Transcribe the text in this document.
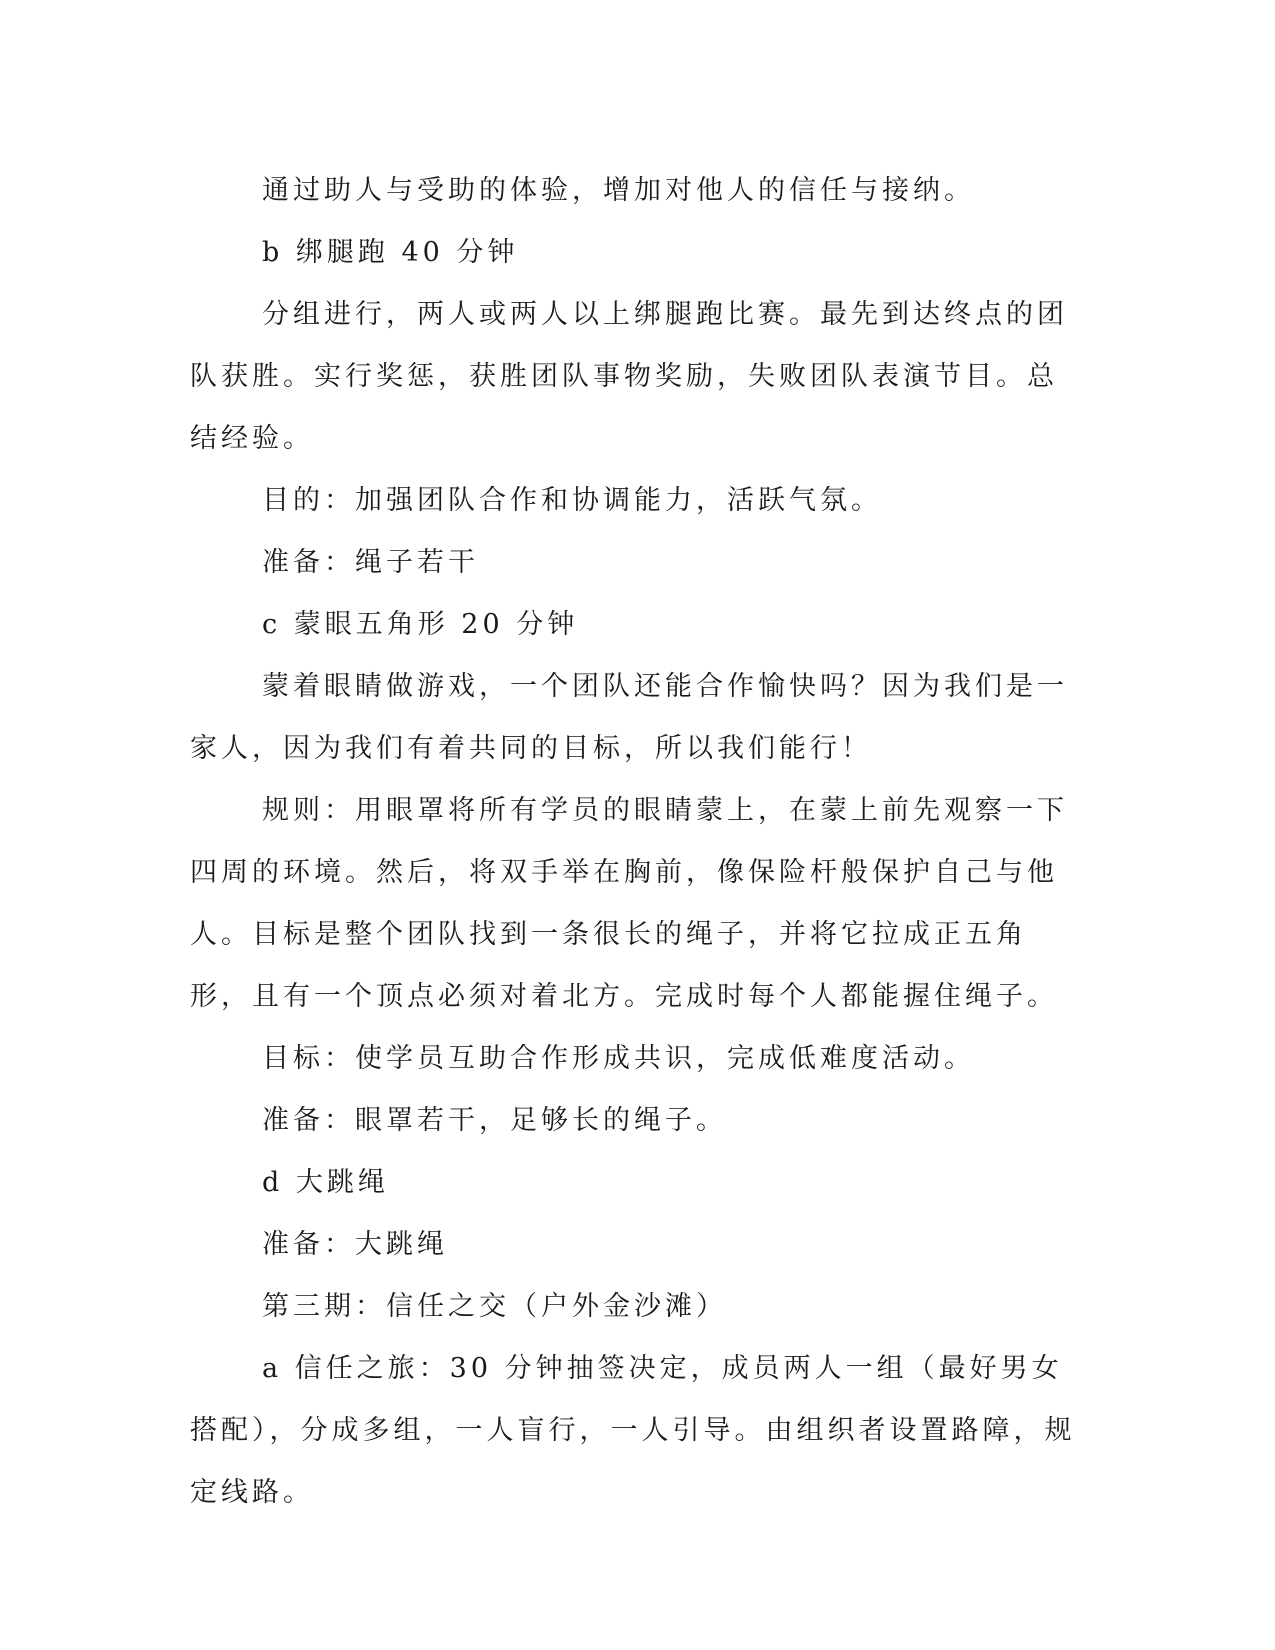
通过助人与受助的体验，增加对他人的信任与接纳。

b 绑腿跑 40 分钟

分组进行，两人或两人以上绑腿跑比赛。最先到达终点的团队获胜。实行奖惩，获胜团队事物奖励，失败团队表演节目。总结经验。

目的：加强团队合作和协调能力，活跃气氛。

准备：绳子若干

c 蒙眼五角形 20 分钟

蒙着眼睛做游戏，一个团队还能合作愉快吗？因为我们是一家人，因为我们有着共同的目标，所以我们能行！

规则：用眼罩将所有学员的眼睛蒙上，在蒙上前先观察一下四周的环境。然后，将双手举在胸前，像保险杆般保护自己与他人。目标是整个团队找到一条很长的绳子，并将它拉成正五角形，且有一个顶点必须对着北方。完成时每个人都能握住绳子。

目标：使学员互助合作形成共识，完成低难度活动。

准备：眼罩若干，足够长的绳子。

d 大跳绳

准备：大跳绳

第三期：信任之交（户外金沙滩）

a 信任之旅：30 分钟抽签决定，成员两人一组（最好男女搭配），分成多组，一人盲行，一人引导。由组织者设置路障，规定线路。
